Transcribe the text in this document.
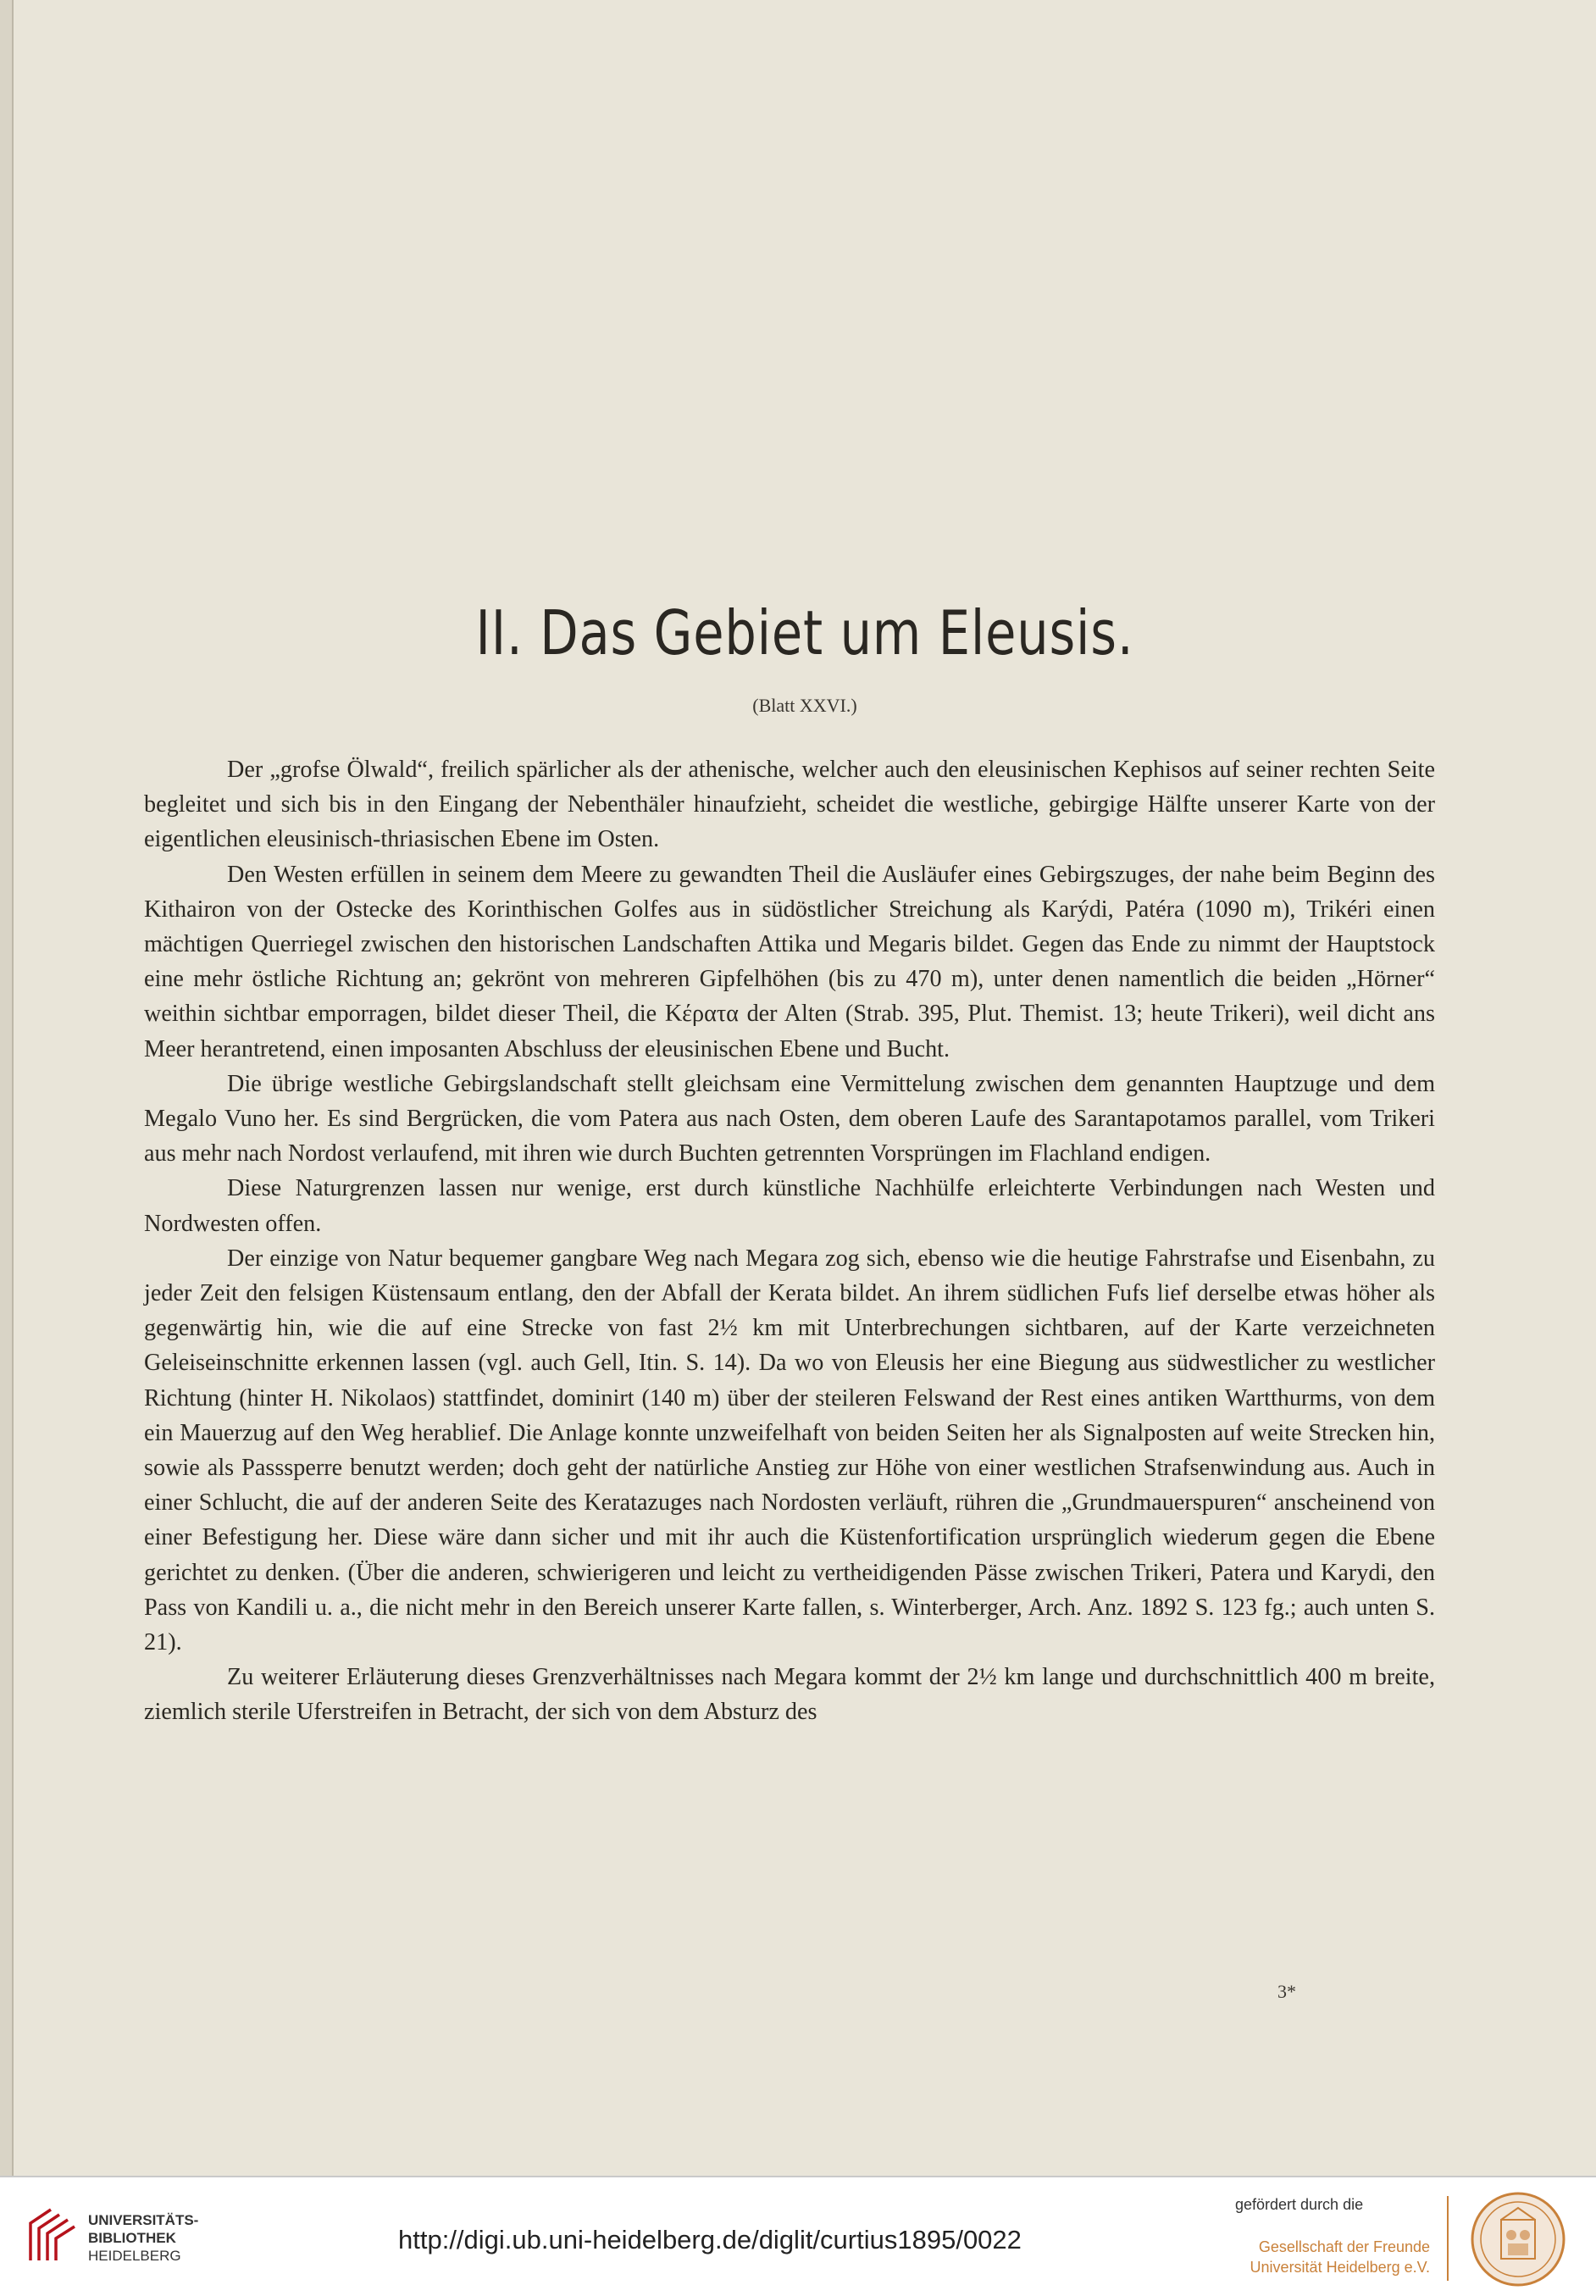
II. Das Gebiet um Eleusis.
(Blatt XXVI.)

Der „grofse Ölwald“, freilich spärlicher als der athenische, welcher auch den eleusinischen Kephisos auf seiner rechten Seite begleitet und sich bis in den Eingang der Nebenthäler hinaufzieht, scheidet die westliche, gebirgige Hälfte unserer Karte von der eigentlichen eleusinisch-thriasischen Ebene im Osten.

Den Westen erfüllen in seinem dem Meere zu gewandten Theil die Ausläufer eines Gebirgszuges, der nahe beim Beginn des Kithairon von der Ostecke des Korinthischen Golfes aus in südöstlicher Streichung als Karýdi, Patéra (1090 m), Trikéri einen mächtigen Querriegel zwischen den historischen Landschaften Attika und Megaris bildet. Gegen das Ende zu nimmt der Hauptstock eine mehr östliche Richtung an; gekrönt von mehreren Gipfelhöhen (bis zu 470 m), unter denen namentlich die beiden „Hörner“ weithin sichtbar emporragen, bildet dieser Theil, die Κέρατα der Alten (Strab. 395, Plut. Themist. 13; heute Trikeri), weil dicht ans Meer herantretend, einen imposanten Abschluss der eleusinischen Ebene und Bucht.

Die übrige westliche Gebirgslandschaft stellt gleichsam eine Vermittelung zwischen dem genannten Hauptzuge und dem Megalo Vuno her. Es sind Bergrücken, die vom Patera aus nach Osten, dem oberen Laufe des Sarantapotamos parallel, vom Trikeri aus mehr nach Nordost verlaufend, mit ihren wie durch Buchten getrennten Vorsprüngen im Flachland endigen.

Diese Naturgrenzen lassen nur wenige, erst durch künstliche Nachhülfe erleichterte Verbindungen nach Westen und Nordwesten offen.

Der einzige von Natur bequemer gangbare Weg nach Megara zog sich, ebenso wie die heutige Fahrstrafse und Eisenbahn, zu jeder Zeit den felsigen Küstensaum entlang, den der Abfall der Kerata bildet. An ihrem südlichen Fufs lief derselbe etwas höher als gegenwärtig hin, wie die auf eine Strecke von fast 2½ km mit Unterbrechungen sichtbaren, auf der Karte verzeichneten Geleiseinschnitte erkennen lassen (vgl. auch Gell, Itin. S. 14). Da wo von Eleusis her eine Biegung aus südwestlicher zu westlicher Richtung (hinter H. Nikolaos) stattfindet, dominirt (140 m) über der steileren Felswand der Rest eines antiken Wartthurms, von dem ein Mauerzug auf den Weg herablief. Die Anlage konnte unzweifelhaft von beiden Seiten her als Signalposten auf weite Strecken hin, sowie als Passsperre benutzt werden; doch geht der natürliche Anstieg zur Höhe von einer westlichen Strafsenwindung aus. Auch in einer Schlucht, die auf der anderen Seite des Keratazuges nach Nordosten verläuft, rühren die „Grundmauerspuren“ anscheinend von einer Befestigung her. Diese wäre dann sicher und mit ihr auch die Küstenfortification ursprünglich wiederum gegen die Ebene gerichtet zu denken. (Über die anderen, schwierigeren und leicht zu vertheidigenden Pässe zwischen Trikeri, Patera und Karydi, den Pass von Kandili u. a., die nicht mehr in den Bereich unserer Karte fallen, s. Winterberger, Arch. Anz. 1892 S. 123 fg.; auch unten S. 21).

Zu weiterer Erläuterung dieses Grenzverhältnisses nach Megara kommt der 2½ km lange und durchschnittlich 400 m breite, ziemlich sterile Uferstreifen in Betracht, der sich von dem Absturz des

3*
UNIVERSITÄTS-
BIBLIOTHEK
HEIDELBERG
http://digi.ub.uni-heidelberg.de/diglit/curtius1895/0022
gefördert durch die
Gesellschaft der Freunde
Universität Heidelberg e.V.
